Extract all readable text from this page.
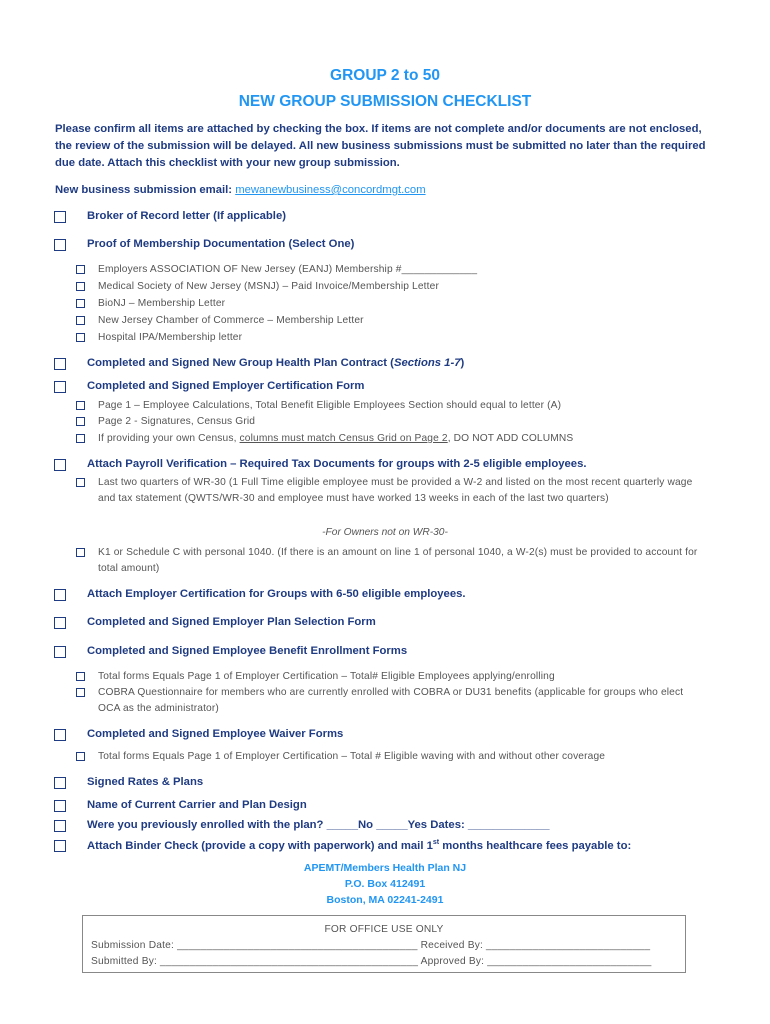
GROUP 2 to 50
NEW GROUP SUBMISSION CHECKLIST
Please confirm all items are attached by checking the box. If items are not complete and/or documents are not enclosed, the review of the submission will be delayed. All new business submissions must be submitted no later than the required due date. Attach this checklist with your new group submission.
New business submission email: mewanewbusiness@concordmgt.com
Broker of Record letter (If applicable)
Proof of Membership Documentation (Select One)
Employers ASSOCIATION OF New Jersey (EANJ) Membership #_____________
Medical Society of New Jersey (MSNJ) – Paid Invoice/Membership Letter
BioNJ – Membership Letter
New Jersey Chamber of Commerce – Membership Letter
Hospital IPA/Membership letter
Completed and Signed New Group Health Plan Contract (Sections 1-7)
Completed and Signed Employer Certification Form
Page 1 – Employee Calculations, Total Benefit Eligible Employees Section should equal to letter (A)
Page 2 - Signatures, Census Grid
If providing your own Census, columns must match Census Grid on Page 2, DO NOT ADD COLUMNS
Attach Payroll Verification – Required Tax Documents for groups with 2-5 eligible employees.
Last two quarters of WR-30 (1 Full Time eligible employee must be provided a W-2 and listed on the most recent quarterly wage and tax statement (QWTS/WR-30 and employee must have worked 13 weeks in each of the last two quarters)
-For Owners not on WR-30-
K1 or Schedule C with personal 1040. (If there is an amount on line 1 of personal 1040, a W-2(s) must be provided to account for total amount)
Attach Employer Certification for Groups with 6-50 eligible employees.
Completed and Signed Employer Plan Selection Form
Completed and Signed Employee Benefit Enrollment Forms
Total forms Equals Page 1 of Employer Certification – Total# Eligible Employees applying/enrolling
COBRA Questionnaire for members who are currently enrolled with COBRA or DU31 benefits (applicable for groups who elect OCA as the administrator)
Completed and Signed Employee Waiver Forms
Total forms Equals Page 1 of Employer Certification – Total # Eligible waving with and without other coverage
Signed Rates & Plans
Name of Current Carrier and Plan Design
Were you previously enrolled with the plan? _____No _____Yes Dates: _____________
Attach Binder Check (provide a copy with paperwork) and mail 1st months healthcare fees payable to:
APEMT/Members Health Plan NJ
P.O. Box 412491
Boston, MA 02241-2491
FOR OFFICE USE ONLY
Submission Date: _________________________________________ Received By: ____________________________
Submitted By: ____________________________________________ Approved By: ____________________________
